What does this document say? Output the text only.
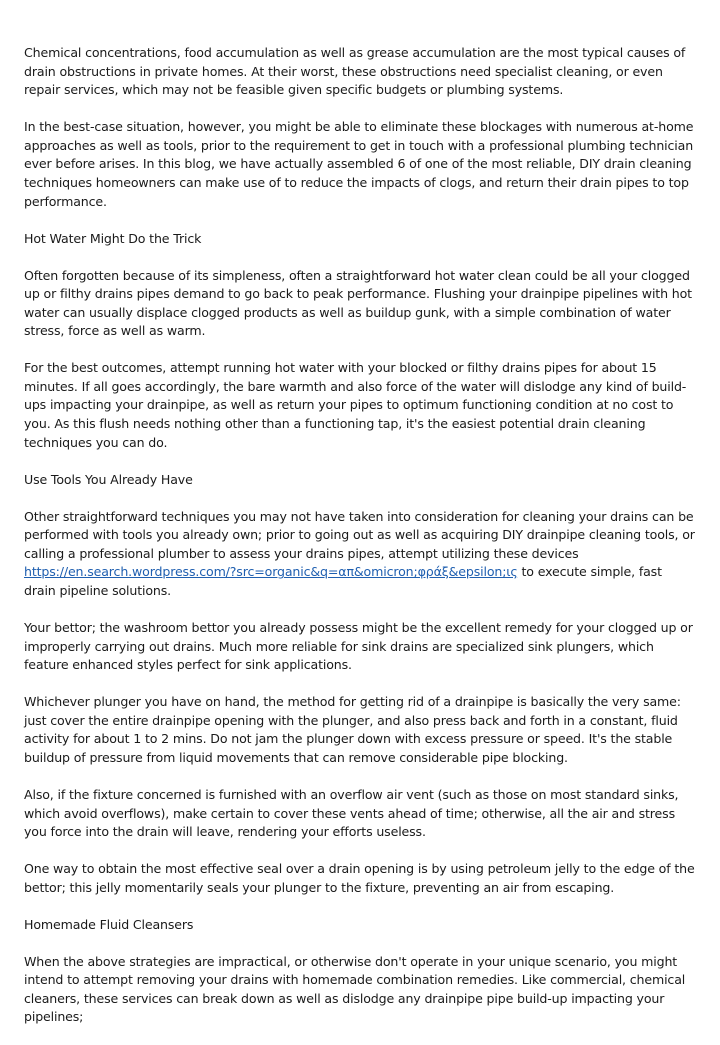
Chemical concentrations, food accumulation as well as grease accumulation are the most typical causes of drain obstructions in private homes. At their worst, these obstructions need specialist cleaning, or even repair services, which may not be feasible given specific budgets or plumbing systems.

In the best-case situation, however, you might be able to eliminate these blockages with numerous at-home approaches as well as tools, prior to the requirement to get in touch with a professional plumbing technician ever before arises. In this blog, we have actually assembled 6 of one of the most reliable, DIY drain cleaning techniques homeowners can make use of to reduce the impacts of clogs, and return their drain pipes to top performance.

Hot Water Might Do the Trick

Often forgotten because of its simpleness, often a straightforward hot water clean could be all your clogged up or filthy drains pipes demand to go back to peak performance. Flushing your drainpipe pipelines with hot water can usually displace clogged products as well as buildup gunk, with a simple combination of water stress, force as well as warm.

For the best outcomes, attempt running hot water with your blocked or filthy drains pipes for about 15 minutes. If all goes accordingly, the bare warmth and also force of the water will dislodge any kind of build-ups impacting your drainpipe, as well as return your pipes to optimum functioning condition at no cost to you. As this flush needs nothing other than a functioning tap, it's the easiest potential drain cleaning techniques you can do.

Use Tools You Already Have

Other straightforward techniques you may not have taken into consideration for cleaning your drains can be performed with tools you already own; prior to going out as well as acquiring DIY drainpipe cleaning tools, or calling a professional plumber to assess your drains pipes, attempt utilizing these devices https://en.search.wordpress.com/?src=organic&q=απ&omicron;φράξ&epsilon;ις to execute simple, fast drain pipeline solutions.

Your bettor; the washroom bettor you already possess might be the excellent remedy for your clogged up or improperly carrying out drains. Much more reliable for sink drains are specialized sink plungers, which feature enhanced styles perfect for sink applications.

Whichever plunger you have on hand, the method for getting rid of a drainpipe is basically the very same: just cover the entire drainpipe opening with the plunger, and also press back and forth in a constant, fluid activity for about 1 to 2 mins. Do not jam the plunger down with excess pressure or speed. It's the stable buildup of pressure from liquid movements that can remove considerable pipe blocking.

Also, if the fixture concerned is furnished with an overflow air vent (such as those on most standard sinks, which avoid overflows), make certain to cover these vents ahead of time; otherwise, all the air and stress you force into the drain will leave, rendering your efforts useless.

One way to obtain the most effective seal over a drain opening is by using petroleum jelly to the edge of the bettor; this jelly momentarily seals your plunger to the fixture, preventing an air from escaping.

Homemade Fluid Cleansers

When the above strategies are impractical, or otherwise don't operate in your unique scenario, you might intend to attempt removing your drains with homemade combination remedies. Like commercial, chemical cleaners, these services can break down as well as dislodge any drainpipe pipe build-up impacting your pipelines;
